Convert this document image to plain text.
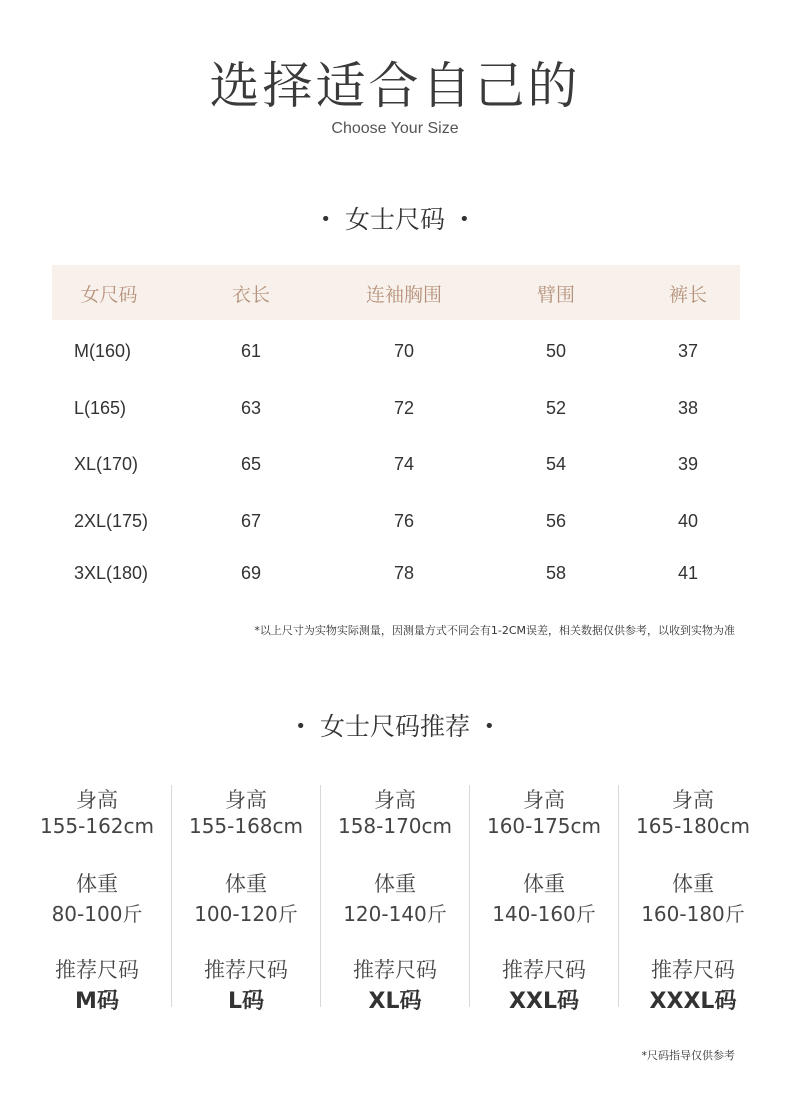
选择适合自己的
Choose Your Size
• 女士尺码 •
女尺码	衣长	连袖胸围	臂围	裤长
M(160)	61	70	50	37
L(165)	63	72	52	38
XL(170)	65	74	54	39
2XL(175)	67	76	56	40
3XL(180)	69	78	58	41
*以上尺寸为实物实际测量，因测量方式不同会有1-2CM误差，相关数据仅供参考，以收到实物为准
• 女士尺码推荐 •
身高
155-162cm
体重
80-100斤
推荐尺码
M码
身高
155-168cm
体重
100-120斤
推荐尺码
L码
身高
158-170cm
体重
120-140斤
推荐尺码
XL码
身高
160-175cm
体重
140-160斤
推荐尺码
XXL码
身高
165-180cm
体重
160-180斤
推荐尺码
XXXL码
*尺码指导仅供参考
